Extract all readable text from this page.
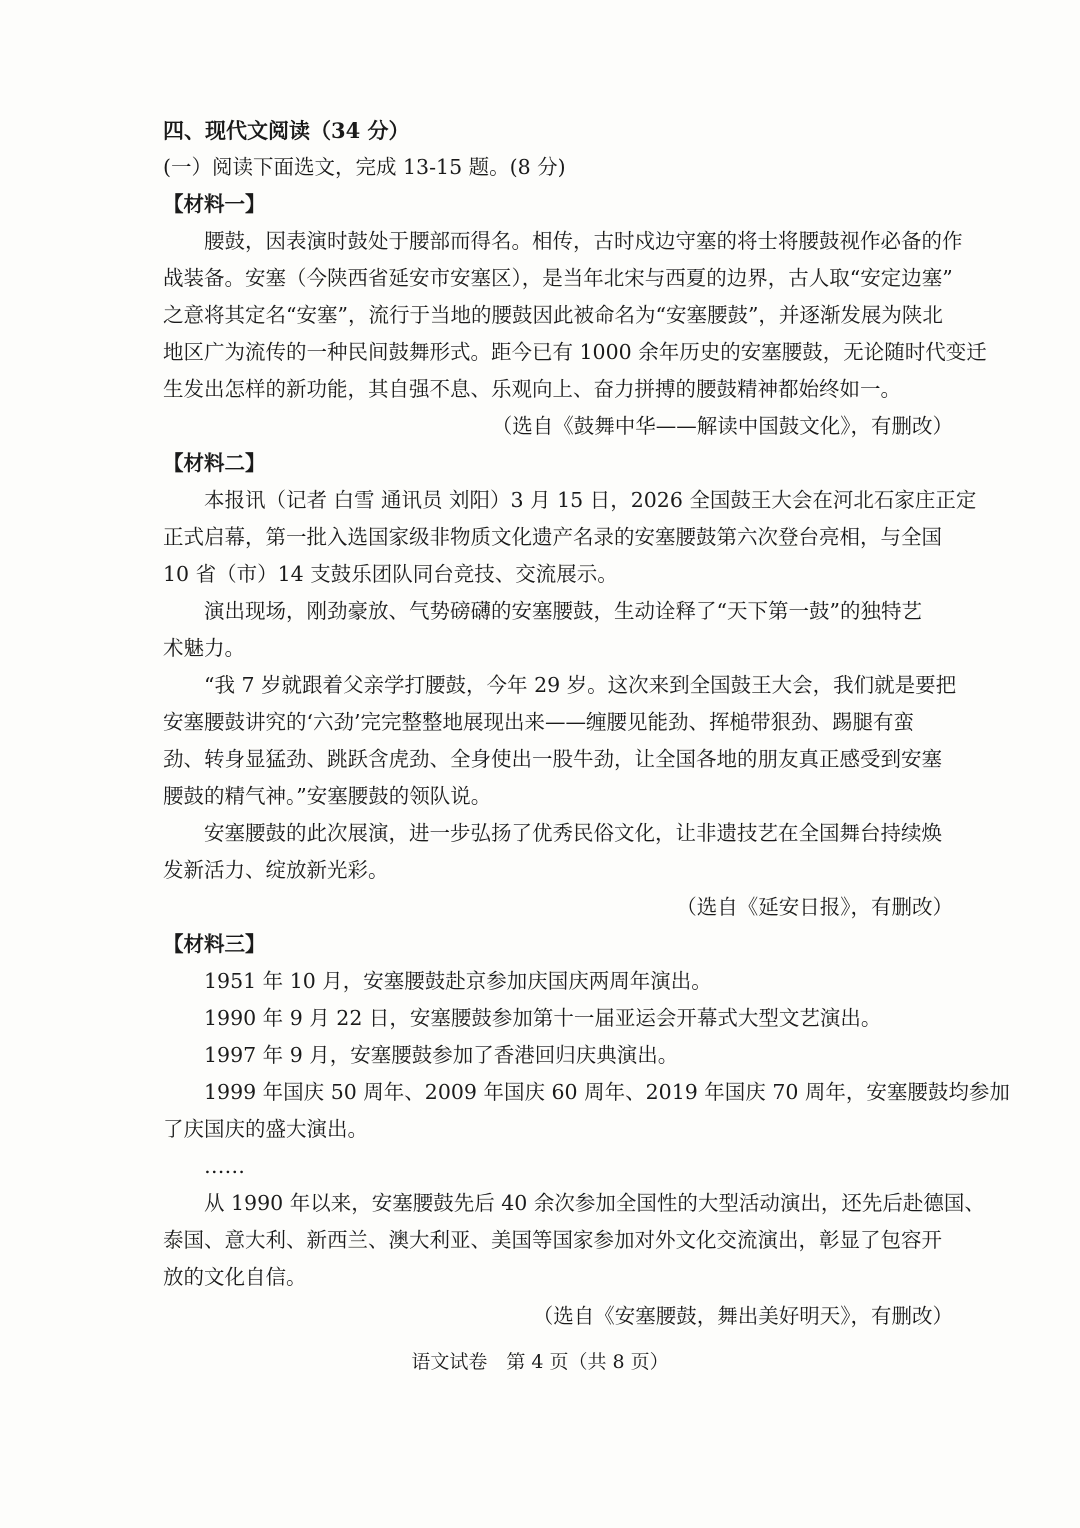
四、现代文阅读（34 分）

(一）阅读下面选文，完成 13-15 题。(8 分)

【材料一】

腰鼓，因表演时鼓处于腰部而得名。相传，古时戍边守塞的将士将腰鼓视作必备的作

战装备。安塞（今陕西省延安市安塞区），是当年北宋与西夏的边界，古人取“安定边塞”

之意将其定名“安塞”，流行于当地的腰鼓因此被命名为“安塞腰鼓”，并逐渐发展为陕北

地区广为流传的一种民间鼓舞形式。距今已有 1000 余年历史的安塞腰鼓，无论随时代变迁

生发出怎样的新功能，其自强不息、乐观向上、奋力拼搏的腰鼓精神都始终如一。

（选自《鼓舞中华——解读中国鼓文化》，有删改）

【材料二】

本报讯（记者 白雪 通讯员 刘阳）3 月 15 日，2026 全国鼓王大会在河北石家庄正定

正式启幕，第一批入选国家级非物质文化遗产名录的安塞腰鼓第六次登台亮相，与全国

10 省（市）14 支鼓乐团队同台竞技、交流展示。

演出现场，刚劲豪放、气势磅礴的安塞腰鼓，生动诠释了“天下第一鼓”的独特艺

术魅力。

“我 7 岁就跟着父亲学打腰鼓，今年 29 岁。这次来到全国鼓王大会，我们就是要把

安塞腰鼓讲究的‘六劲’完完整整地展现出来——缠腰见能劲、挥槌带狠劲、踢腿有蛮

劲、转身显猛劲、跳跃含虎劲、全身使出一股牛劲，让全国各地的朋友真正感受到安塞

腰鼓的精气神。”安塞腰鼓的领队说。

安塞腰鼓的此次展演，进一步弘扬了优秀民俗文化，让非遗技艺在全国舞台持续焕

发新活力、绽放新光彩。

（选自《延安日报》，有删改）

【材料三】

1951 年 10 月，安塞腰鼓赴京参加庆国庆两周年演出。

1990 年 9 月 22 日，安塞腰鼓参加第十一届亚运会开幕式大型文艺演出。

1997 年 9 月，安塞腰鼓参加了香港回归庆典演出。

1999 年国庆 50 周年、2009 年国庆 60 周年、2019 年国庆 70 周年，安塞腰鼓均参加

了庆国庆的盛大演出。

……

从 1990 年以来，安塞腰鼓先后 40 余次参加全国性的大型活动演出，还先后赴德国、

泰国、意大利、新西兰、澳大利亚、美国等国家参加对外文化交流演出，彰显了包容开

放的文化自信。

（选自《安塞腰鼓，舞出美好明天》，有删改）

语文试卷　第 4 页（共 8 页）
